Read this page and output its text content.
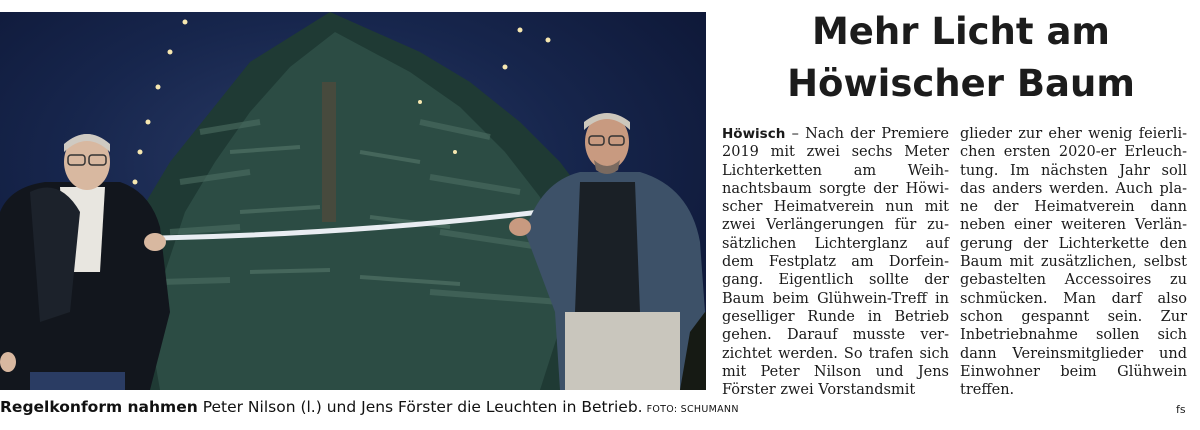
Regelkonform nahmen Peter Nilson (l.) und Jens Förster die Leuchten in Betrieb. FOTO: SCHUMANN
Mehr Licht am
Höwischer Baum

Höwisch – Nach der Premiere 2019 mit zwei sechs Meter Lichterketten am Weihnachtsbaum sorgte der Höwischer Heimatverein nun mit zwei Verlängerungen für zusätzlichen Lichterglanz auf dem Festplatz am Dorfeingang. Eigentlich sollte der Baum beim Glühwein-Treff in geselliger Runde in Betrieb gehen. Darauf musste verzichtet werden. So trafen sich mit Peter Nilson und Jens Förster zwei Vorstandsmit

glieder zur eher wenig feierlichen ersten 2020-er Erleuchtung. Im nächsten Jahr soll das anders werden. Auch plane der Heimatverein dann neben einer weiteren Verlängerung der Lichterkette den Baum mit zusätzlichen, selbst gebastelten Accessoires zu schmücken. Man darf also schon gespannt sein. Zur Inbetriebnahme sollen sich dann Vereinsmitglieder und Einwohner beim Glühwein treffen.

fs
